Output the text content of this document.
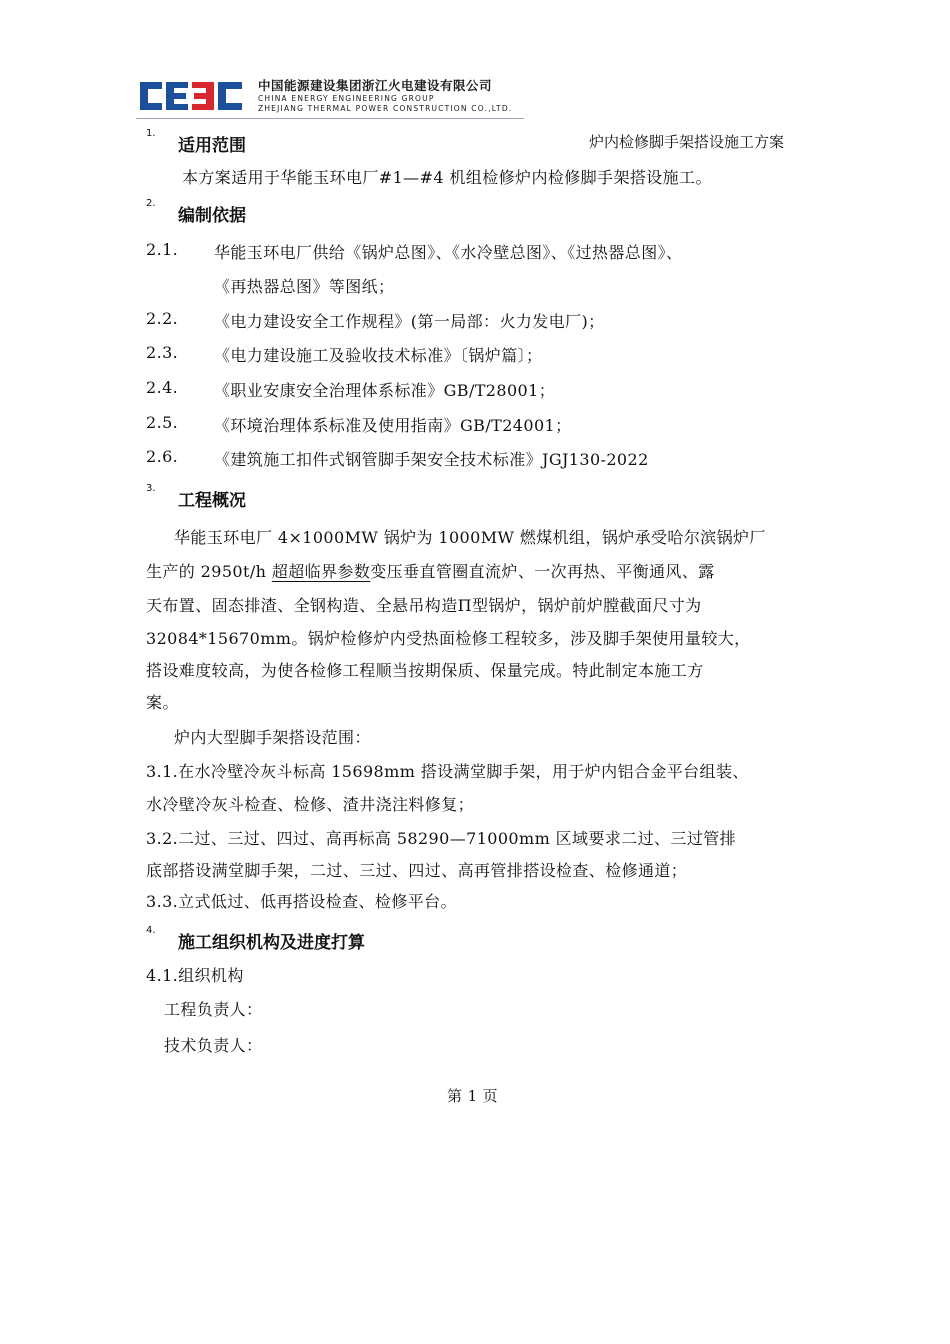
中国能源建设集团浙江火电建设有限公司
CHINA ENERGY ENGINEERING GROUP
ZHEJIANG THERMAL POWER CONSTRUCTION CO.,LTD.
1.
适用范围	炉内检修脚手架搭设施工方案
本方案适用于华能玉环电厂#1—#4 机组检修炉内检修脚手架搭设施工。
2.
编制依据
2.1. 华能玉环电厂供给《锅炉总图》、《水冷壁总图》、《过热器总图》、
《再热器总图》等图纸；
2.2. 《电力建设安全工作规程》(第一局部：火力发电厂)；
2.3. 《电力建设施工及验收技术标准》〔锅炉篇〕；
2.4. 《职业安康安全治理体系标准》GB/T28001；
2.5. 《环境治理体系标准及使用指南》GB/T24001；
2.6. 《建筑施工扣件式钢管脚手架安全技术标准》JGJ130-2022
3.
工程概况
华能玉环电厂 4×1000MW 锅炉为 1000MW 燃煤机组，锅炉承受哈尔滨锅炉厂
生产的 2950t/h 超超临界参数变压垂直管圈直流炉、一次再热、平衡通风、露
天布置、固态排渣、全钢构造、全悬吊构造Π型锅炉，锅炉前炉膛截面尺寸为
32084*15670mm。锅炉检修炉内受热面检修工程较多，涉及脚手架使用量较大，
搭设难度较高，为使各检修工程顺当按期保质、保量完成。特此制定本施工方
案。
炉内大型脚手架搭设范围：
3.1.在水冷壁冷灰斗标高 15698mm 搭设满堂脚手架，用于炉内铝合金平台组装、
水冷壁冷灰斗检查、检修、渣井浇注料修复；
3.2.二过、三过、四过、高再标高 58290—71000mm 区域要求二过、三过管排
底部搭设满堂脚手架，二过、三过、四过、高再管排搭设检查、检修通道；
3.3.立式低过、低再搭设检查、检修平台。
4.
施工组织机构及进度打算
4.1.组织机构
工程负责人：
技术负责人：
第 1 页
